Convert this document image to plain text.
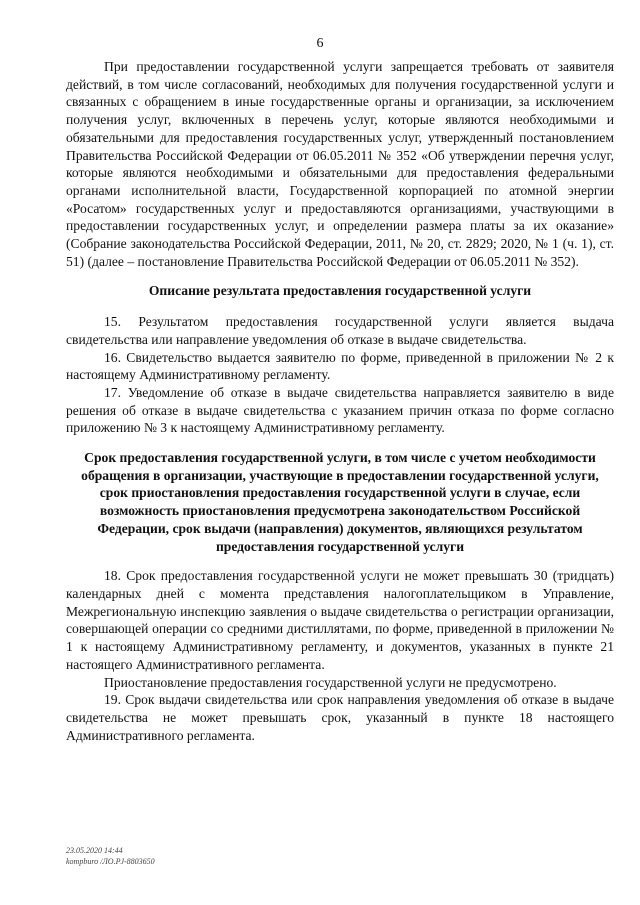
6

При предоставлении государственной услуги запрещается требовать от заявителя действий, в том числе согласований, необходимых для получения государственной услуги и связанных с обращением в иные государственные органы и организации, за исключением получения услуг, включенных в перечень услуг, которые являются необходимыми и обязательными для предоставления государственных услуг, утвержденный постановлением Правительства Российской Федерации от 06.05.2011 № 352 «Об утверждении перечня услуг, которые являются необходимыми и обязательными для предоставления федеральными органами исполнительной власти, Государственной корпорацией по атомной энергии «Росатом» государственных услуг и предоставляются организациями, участвующими в предоставлении государственных услуг, и определении размера платы за их оказание» (Собрание законодательства Российской Федерации, 2011, № 20, ст. 2829; 2020, № 1 (ч. 1), ст. 51) (далее – постановление Правительства Российской Федерации от 06.05.2011 № 352).

Описание результата предоставления государственной услуги

15. Результатом предоставления государственной услуги является выдача свидетельства или направление уведомления об отказе в выдаче свидетельства.

16. Свидетельство выдается заявителю по форме, приведенной в приложении № 2 к настоящему Административному регламенту.

17. Уведомление об отказе в выдаче свидетельства направляется заявителю в виде решения об отказе в выдаче свидетельства с указанием причин отказа по форме согласно приложению № 3 к настоящему Административному регламенту.

Срок предоставления государственной услуги, в том числе с учетом необходимости обращения в организации, участвующие в предоставлении государственной услуги, срок приостановления предоставления государственной услуги в случае, если возможность приостановления предусмотрена законодательством Российской Федерации, срок выдачи (направления) документов, являющихся результатом предоставления государственной услуги

18. Срок предоставления государственной услуги не может превышать 30 (тридцать) календарных дней с момента представления налогоплательщиком в Управление, Межрегиональную инспекцию заявления о выдаче свидетельства о регистрации организации, совершающей операции со средними дистиллятами, по форме, приведенной в приложении № 1 к настоящему Административному регламенту, и документов, указанных в пункте 21 настоящего Административного регламента.

Приостановление предоставления государственной услуги не предусмотрено.

19. Срок выдачи свидетельства или срок направления уведомления об отказе в выдаче свидетельства не может превышать срок, указанный в пункте 18 настоящего Административного регламента.

23.05.2020 14:44
kompburo /ЛО.PJ-8803650
